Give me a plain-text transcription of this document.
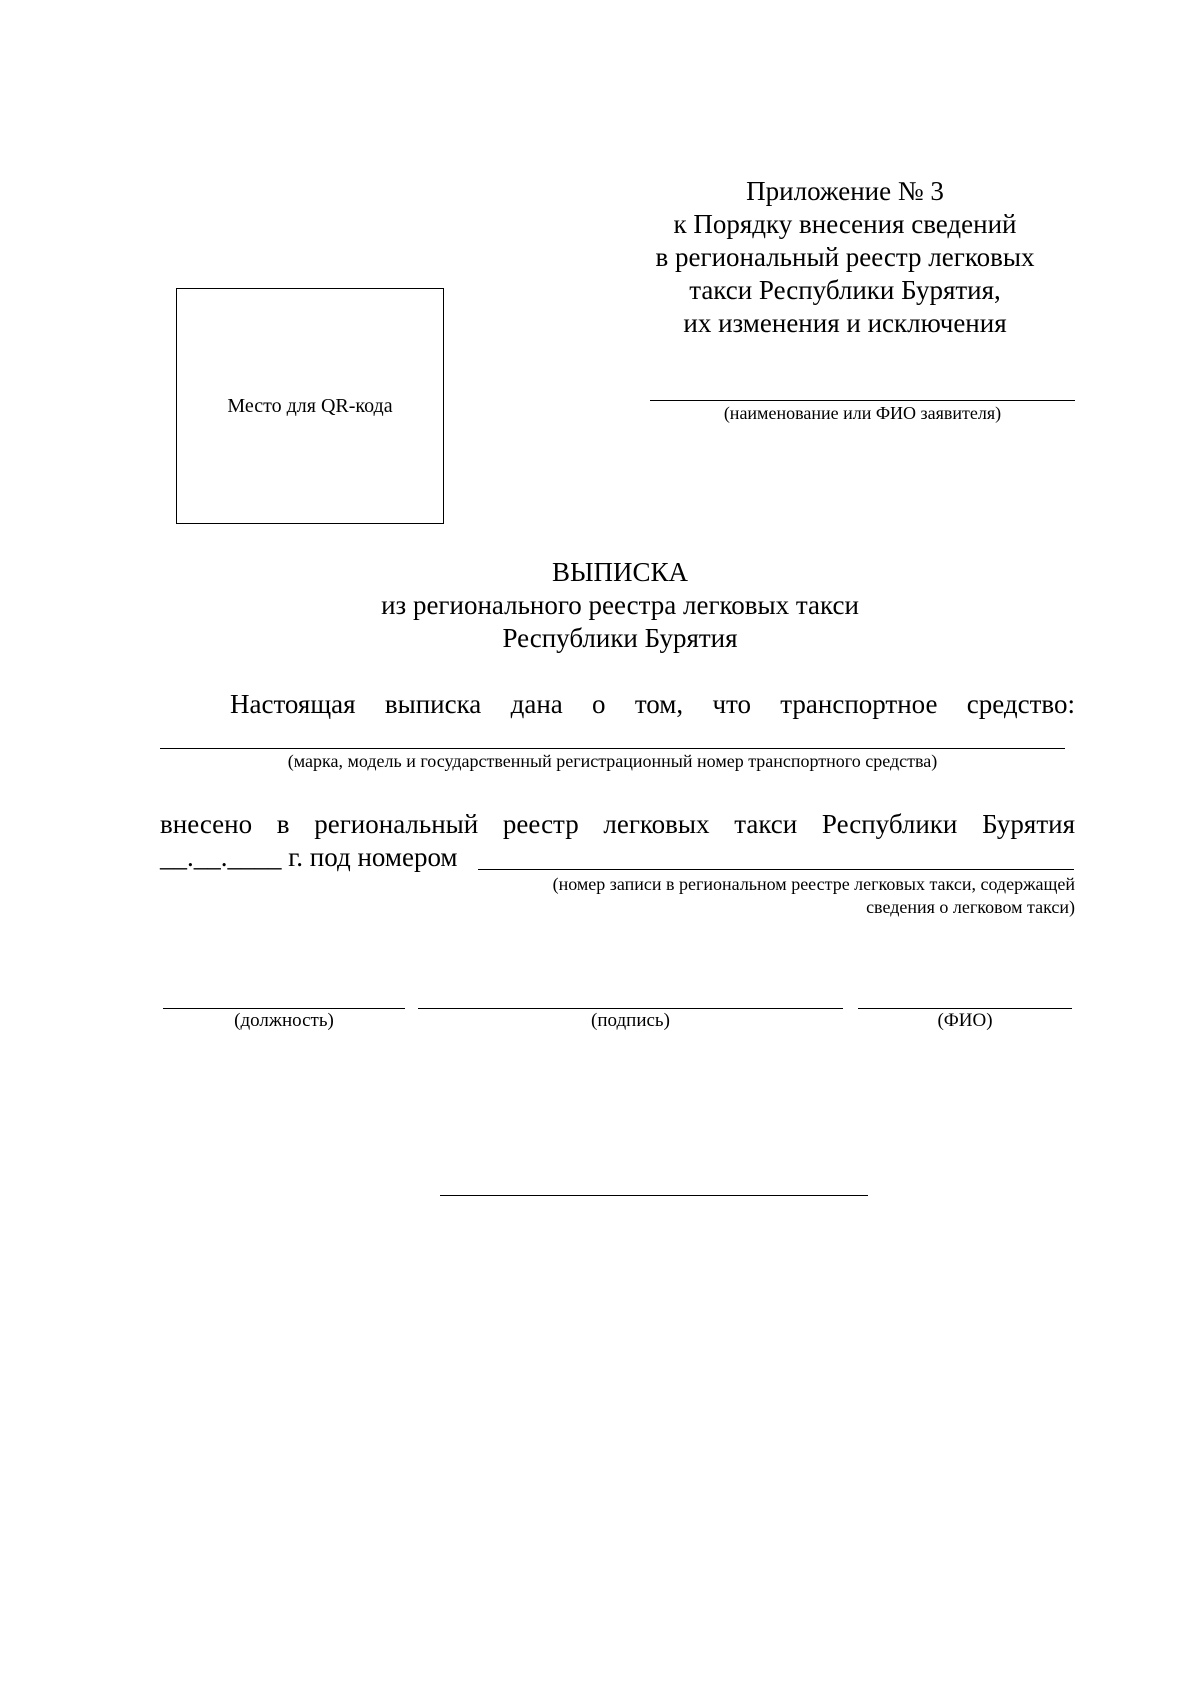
Приложение № 3
к Порядку внесения сведений
в региональный реестр легковых
такси Республики Бурятия,
их изменения и исключения
(наименование или ФИО заявителя)
Место для QR-кода
ВЫПИСКА
из регионального реестра легковых такси
Республики Бурятия
Настоящая выписка дана о том, что транспортное средство:
(марка, модель и государственный регистрационный номер транспортного средства)
внесено в региональный реестр легковых такси Республики Бурятия
__.__.____ г. под номером
(номер записи в региональном реестре легковых такси, содержащей
сведения о легковом такси)
(должность)	(подпись)	(ФИО)
